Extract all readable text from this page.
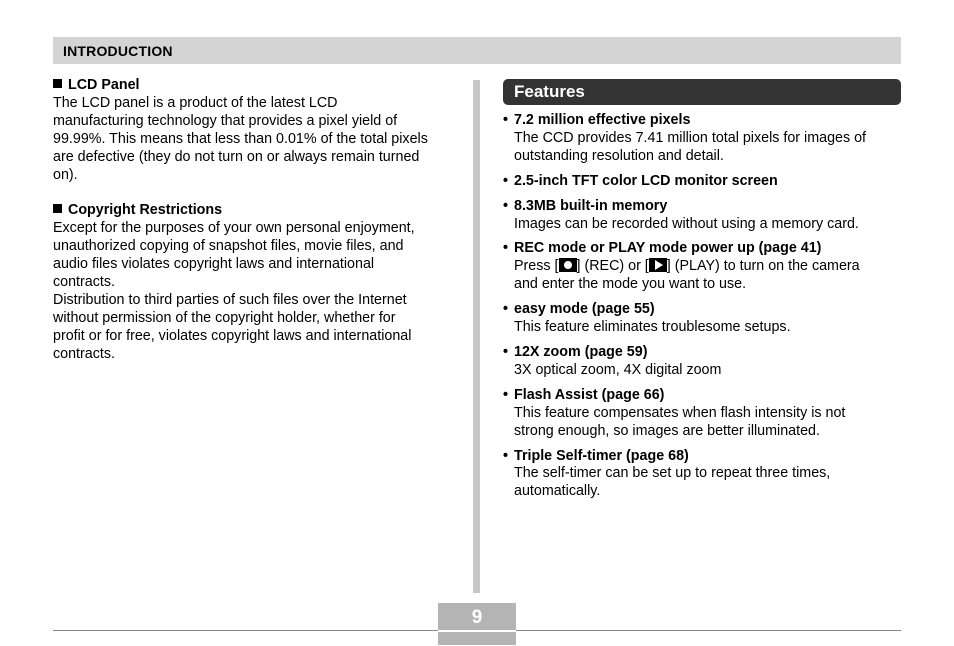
INTRODUCTION
LCD Panel
The LCD panel is a product of the latest LCD
manufacturing technology that provides a pixel yield of
99.99%. This means that less than 0.01% of the total pixels
are defective (they do not turn on or always remain turned
on).
Copyright Restrictions
Except for the purposes of your own personal enjoyment,
unauthorized copying of snapshot files, movie files, and
audio files violates copyright laws and international
contracts.
Distribution to third parties of such files over the Internet
without permission of the copyright holder, whether for
profit or for free, violates copyright laws and international
contracts.
Features
• 7.2 million effective pixels
The CCD provides 7.41 million total pixels for images of
outstanding resolution and detail.
• 2.5-inch TFT color LCD monitor screen
• 8.3MB built-in memory
Images can be recorded without using a memory card.
• REC mode or PLAY mode power up (page 41)
Press [ ] (REC) or [ ] (PLAY) to turn on the camera
and enter the mode you want to use.
• easy mode (page 55)
This feature eliminates troublesome setups.
• 12X zoom (page 59)
3X optical zoom, 4X digital zoom
• Flash Assist (page 66)
This feature compensates when flash intensity is not
strong enough, so images are better illuminated.
• Triple Self-timer (page 68)
The self-timer can be set up to repeat three times,
automatically.
9
